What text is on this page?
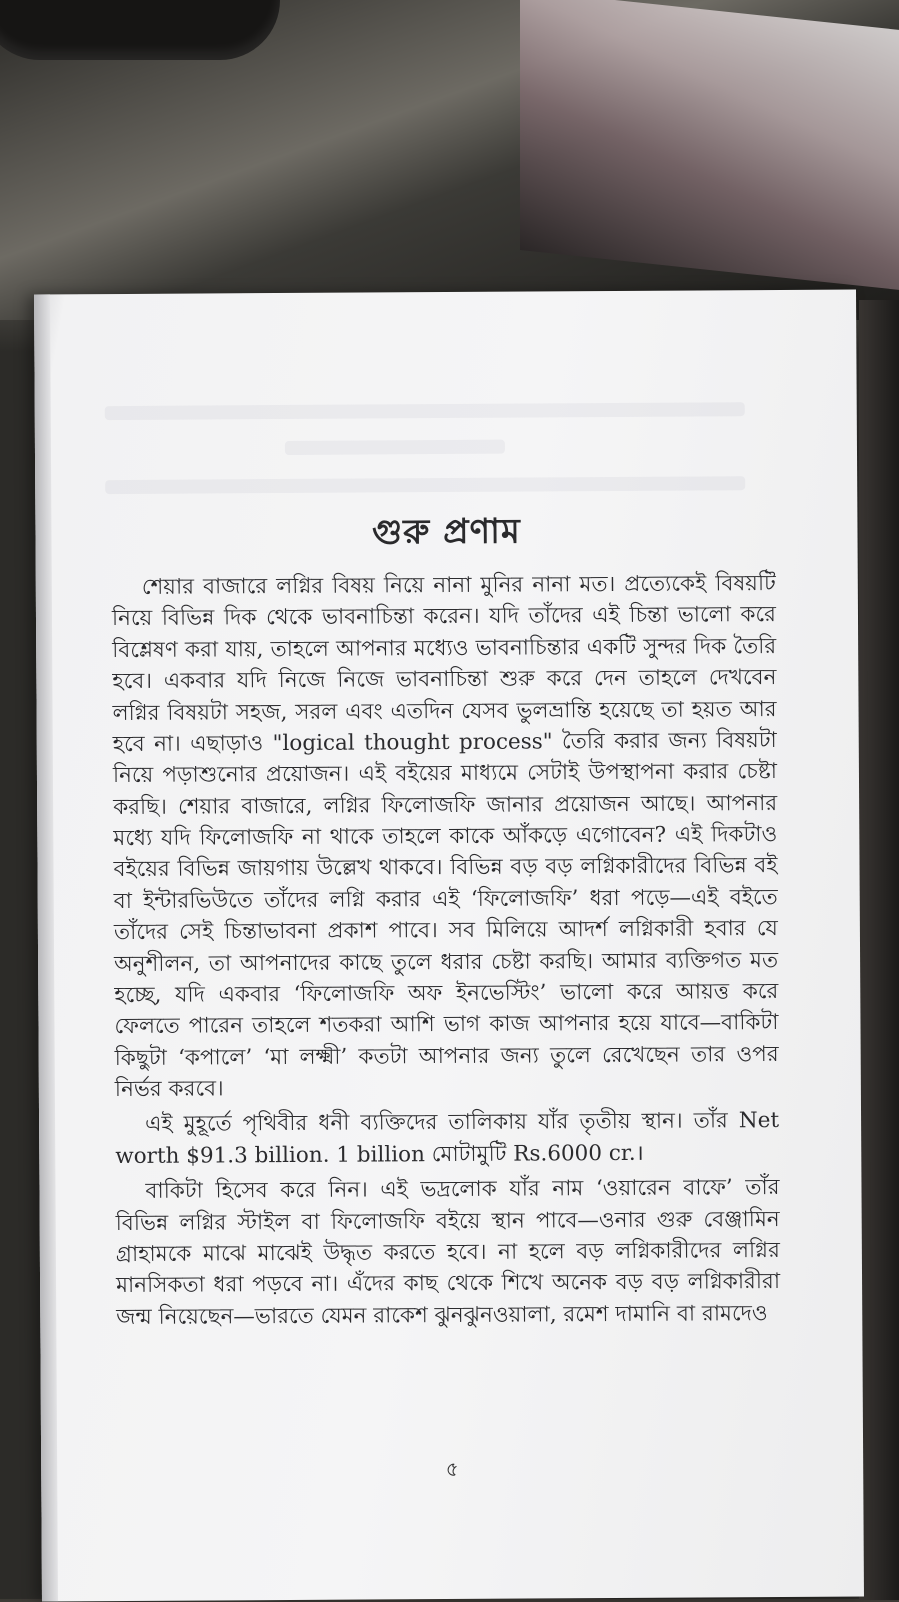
গুরু প্রণাম

শেয়ার বাজারে লগ্নির বিষয় নিয়ে নানা মুনির নানা মত। প্রত্যেকেই বিষয়টি নিয়ে বিভিন্ন দিক থেকে ভাবনাচিন্তা করেন। যদি তাঁদের এই চিন্তা ভালো করে বিশ্লেষণ করা যায়, তাহলে আপনার মধ্যেও ভাবনাচিন্তার একটি সুন্দর দিক তৈরি হবে। একবার যদি নিজে নিজে ভাবনাচিন্তা শুরু করে দেন তাহলে দেখবেন লগ্নির বিষয়টা সহজ, সরল এবং এতদিন যেসব ভুলভ্রান্তি হয়েছে তা হয়ত আর হবে না। এছাড়াও "logical thought process" তৈরি করার জন্য বিষয়টা নিয়ে পড়াশুনোর প্রয়োজন। এই বইয়ের মাধ্যমে সেটাই উপস্থাপনা করার চেষ্টা করছি। শেয়ার বাজারে, লগ্নির ফিলোজফি জানার প্রয়োজন আছে। আপনার মধ্যে যদি ফিলোজফি না থাকে তাহলে কাকে আঁকড়ে এগোবেন? এই দিকটাও বইয়ের বিভিন্ন জায়গায় উল্লেখ থাকবে। বিভিন্ন বড় বড় লগ্নিকারীদের বিভিন্ন বই বা ইন্টারভিউতে তাঁদের লগ্নি করার এই ‘ফিলোজফি’ ধরা পড়ে—এই বইতে তাঁদের সেই চিন্তাভাবনা প্রকাশ পাবে। সব মিলিয়ে আদর্শ লগ্নিকারী হবার যে অনুশীলন, তা আপনাদের কাছে তুলে ধরার চেষ্টা করছি। আমার ব্যক্তিগত মত হচ্ছে, যদি একবার ‘ফিলোজফি অফ ইনভেস্টিং’ ভালো করে আয়ত্ত করে ফেলতে পারেন তাহলে শতকরা আশি ভাগ কাজ আপনার হয়ে যাবে—বাকিটা কিছুটা ‘কপালে’ ‘মা লক্ষ্মী’ কতটা আপনার জন্য তুলে রেখেছেন তার ওপর নির্ভর করবে।

এই মুহূর্তে পৃথিবীর ধনী ব্যক্তিদের তালিকায় যাঁর তৃতীয় স্থান। তাঁর Net worth $91.3 billion. 1 billion মোটামুটি Rs.6000 cr.।

বাকিটা হিসেব করে নিন। এই ভদ্রলোক যাঁর নাম ‘ওয়ারেন বাফে’ তাঁর বিভিন্ন লগ্নির স্টাইল বা ফিলোজফি বইয়ে স্থান পাবে—ওনার গুরু বেঞ্জামিন গ্রাহামকে মাঝে মাঝেই উদ্ধৃত করতে হবে। না হলে বড় লগ্নিকারীদের লগ্নির মানসিকতা ধরা পড়বে না। এঁদের কাছ থেকে শিখে অনেক বড় বড় লগ্নিকারীরা জন্ম নিয়েছেন—ভারতে যেমন রাকেশ ঝুনঝুনওয়ালা, রমেশ দামানি বা রামদেও

৫
